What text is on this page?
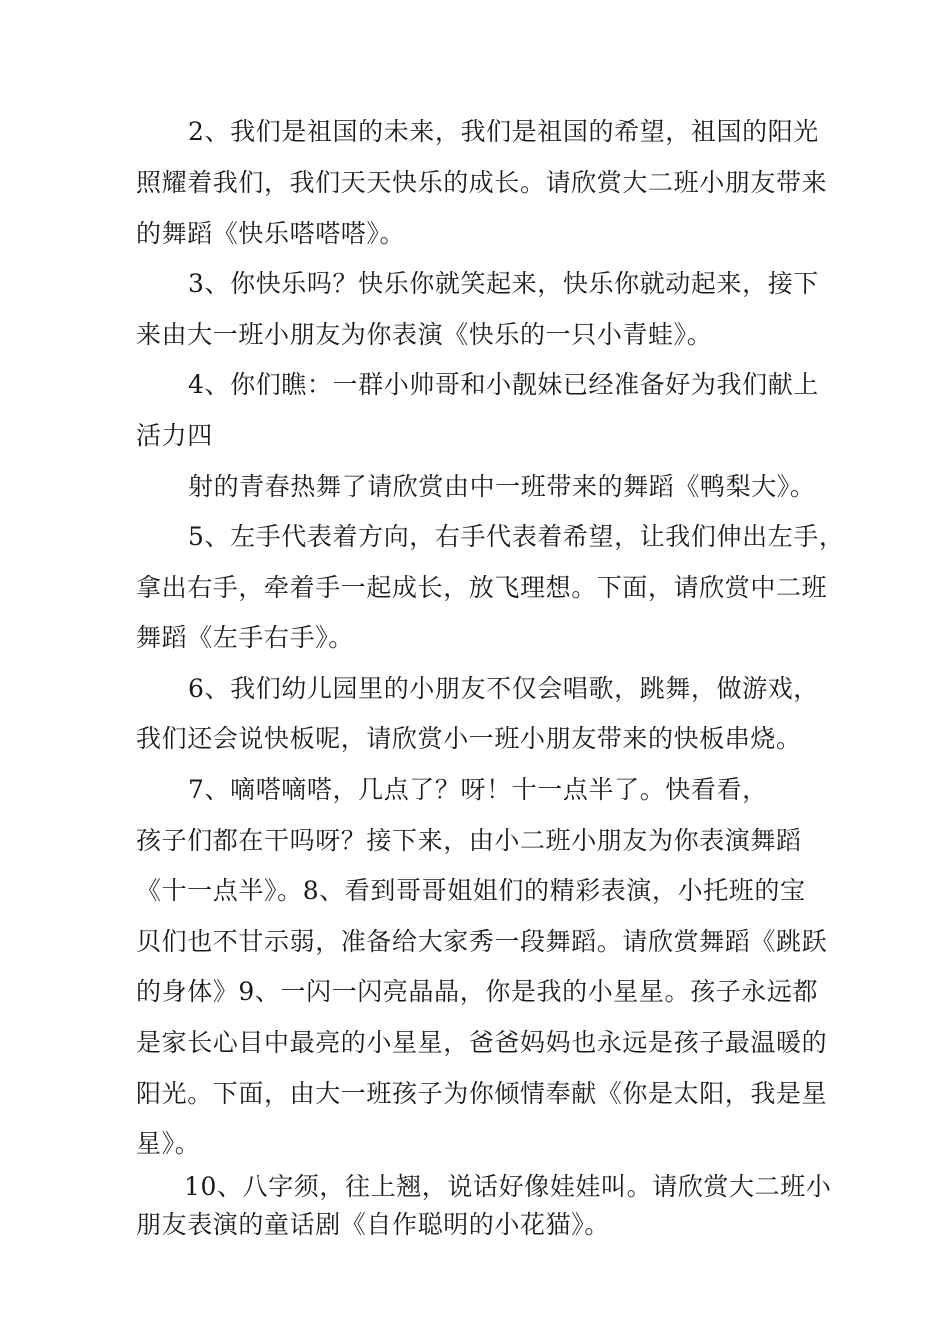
2、我们是祖国的未来，我们是祖国的希望，祖国的阳光
照耀着我们，我们天天快乐的成长。请欣赏大二班小朋友带来
的舞蹈《快乐嗒嗒嗒》。
3、你快乐吗？快乐你就笑起来，快乐你就动起来，接下
来由大一班小朋友为你表演《快乐的一只小青蛙》。
4、你们瞧：一群小帅哥和小靓妹已经准备好为我们献上
活力四
射的青春热舞了请欣赏由中一班带来的舞蹈《鸭梨大》。
5、左手代表着方向，右手代表着希望，让我们伸出左手，
拿出右手，牵着手一起成长，放飞理想。下面，请欣赏中二班
舞蹈《左手右手》。
6、我们幼儿园里的小朋友不仅会唱歌，跳舞，做游戏，
我们还会说快板呢，请欣赏小一班小朋友带来的快板串烧。
7、嘀嗒嘀嗒，几点了？呀！十一点半了。快看看，
孩子们都在干吗呀？接下来，由小二班小朋友为你表演舞蹈
《十一点半》。8、看到哥哥姐姐们的精彩表演，小托班的宝
贝们也不甘示弱，准备给大家秀一段舞蹈。请欣赏舞蹈《跳跃
的身体》9、一闪一闪亮晶晶，你是我的小星星。孩子永远都
是家长心目中最亮的小星星，爸爸妈妈也永远是孩子最温暖的
阳光。下面，由大一班孩子为你倾情奉献《你是太阳，我是星
星》。
10、八字须，往上翘，说话好像娃娃叫。请欣赏大二班小
朋友表演的童话剧《自作聪明的小花猫》。
